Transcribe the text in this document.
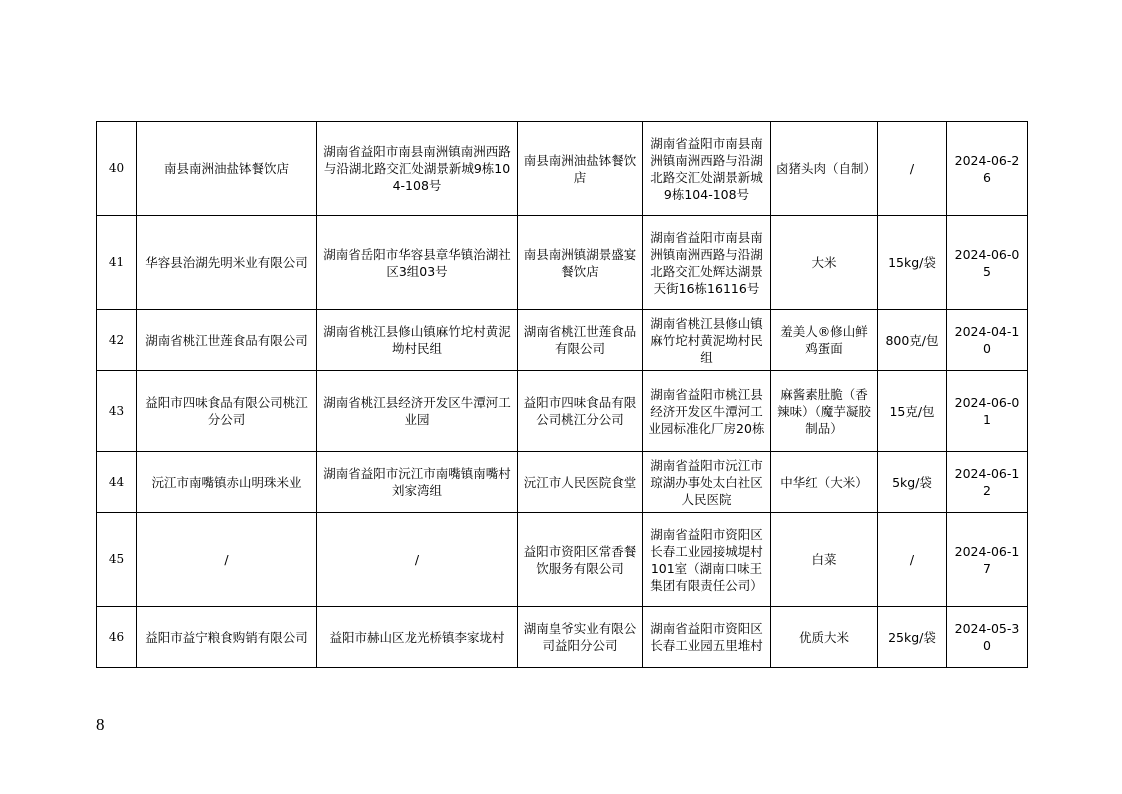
40	南县南洲油盐钵餐饮店	湖南省益阳市南县南洲镇南洲西路与沿湖北路交汇处湖景新城9栋104-108号	南县南洲油盐钵餐饮店	湖南省益阳市南县南洲镇南洲西路与沿湖北路交汇处湖景新城9栋104-108号	卤猪头肉（自制）	/	2024-06-26
41	华容县治湖先明米业有限公司	湖南省岳阳市华容县章华镇治湖社区3组03号	南县南洲镇湖景盛宴餐饮店	湖南省益阳市南县南洲镇南洲西路与沿湖北路交汇处辉达湖景天街16栋16116号	大米	15kg/袋	2024-06-05
42	湖南省桃江世莲食品有限公司	湖南省桃江县修山镇麻竹坨村黄泥坳村民组	湖南省桃江世莲食品有限公司	湖南省桃江县修山镇麻竹坨村黄泥坳村民组	羞美人®修山鲜鸡蛋面	800克/包	2024-04-10
43	益阳市四味食品有限公司桃江分公司	湖南省桃江县经济开发区牛潭河工业园	益阳市四味食品有限公司桃江分公司	湖南省益阳市桃江县经济开发区牛潭河工业园标准化厂房20栋	麻酱素肚脆（香辣味）（魔芋凝胶制品）	15克/包	2024-06-01
44	沅江市南嘴镇赤山明珠米业	湖南省益阳市沅江市南嘴镇南嘴村刘家湾组	沅江市人民医院食堂	湖南省益阳市沅江市琼湖办事处太白社区人民医院	中华红（大米）	5kg/袋	2024-06-12
45	/	/	益阳市资阳区常香餐饮服务有限公司	湖南省益阳市资阳区长春工业园接城堤村101室（湖南口味王集团有限责任公司）	白菜	/	2024-06-17
46	益阳市益宁粮食购销有限公司	益阳市赫山区龙光桥镇李家垅村	湖南皇爷实业有限公司益阳分公司	湖南省益阳市资阳区长春工业园五里堆村	优质大米	25kg/袋	2024-05-30
8
